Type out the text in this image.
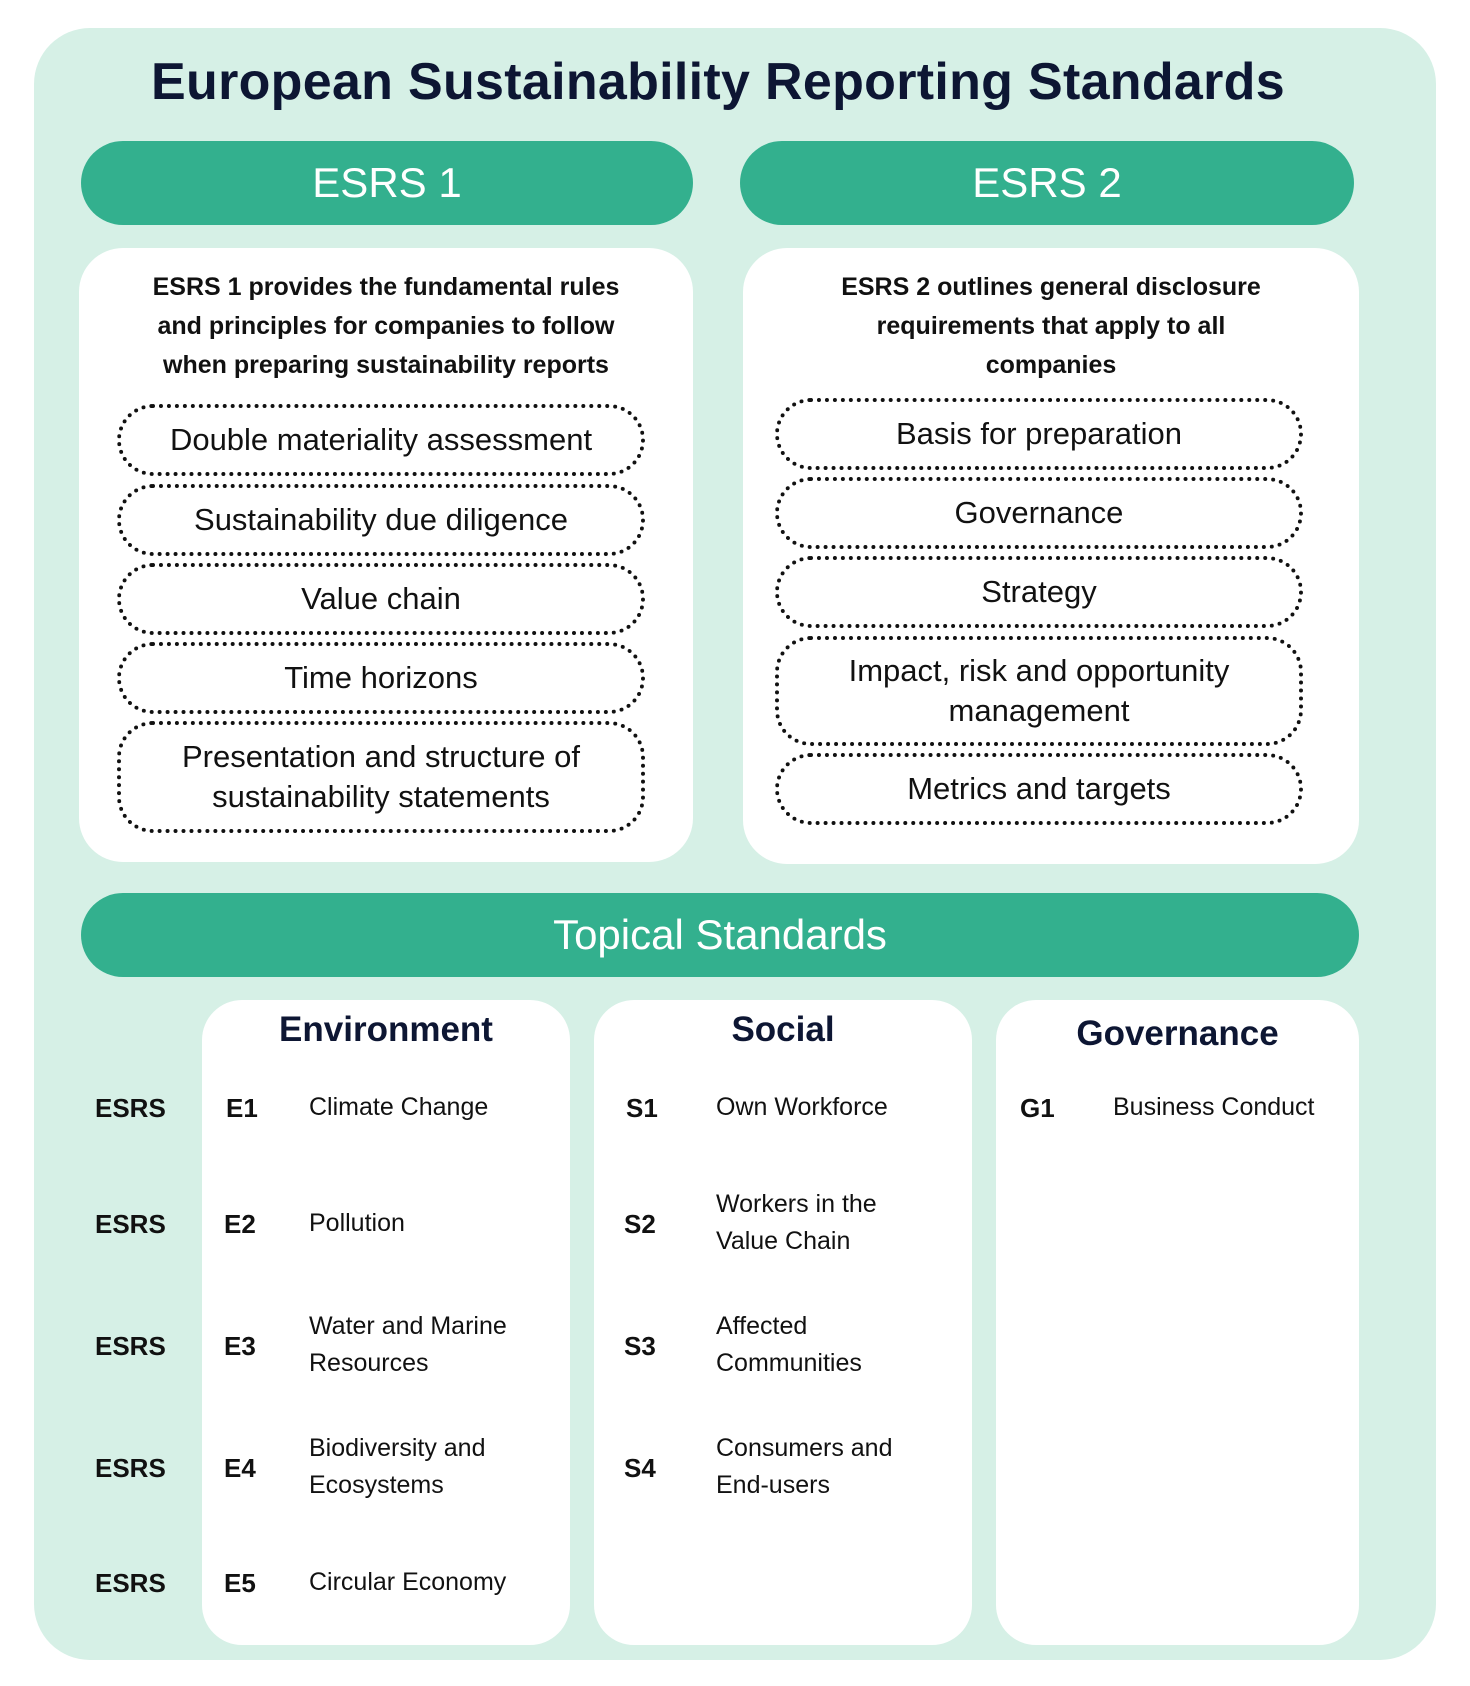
European Sustainability Reporting Standards
ESRS 1
ESRS 1 provides the fundamental rules
and principles for companies to follow
when preparing sustainability reports
Double materiality assessment
Sustainability due diligence
Value chain
Time horizons
Presentation and structure of
sustainability statements
ESRS 2
ESRS 2 outlines general disclosure
requirements that apply to all
companies
Basis for preparation
Governance
Strategy
Impact, risk and opportunity
management
Metrics and targets
Topical Standards
Environment	Social	Governance
ESRS
ESRS
ESRS
ESRS
ESRS
E1 Climate Change
E2 Pollution
E3
Water and Marine
Resources
E4
Biodiversity and
Ecosystems
E5 Circular Economy
S1 Own Workforce
S2
Workers in the
Value Chain
S3
Affected
Communities
S4
Consumers and
End-users
G1 Business Conduct
